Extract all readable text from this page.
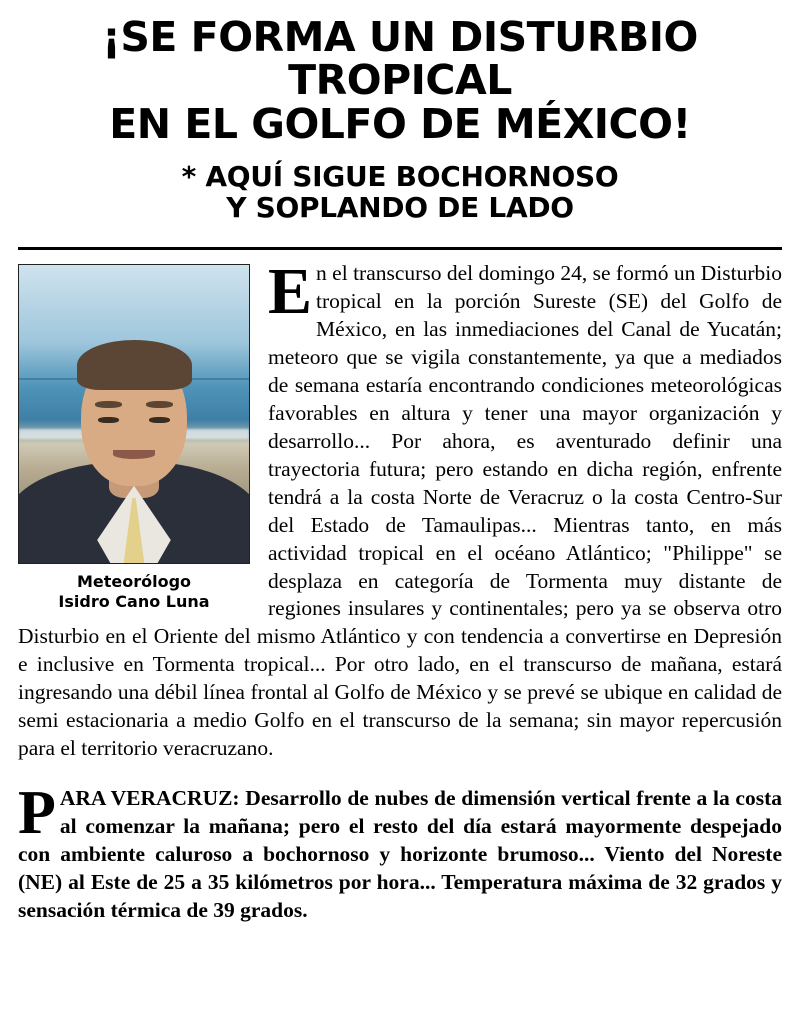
¡SE FORMA UN DISTURBIO TROPICAL
EN EL GOLFO DE MÉXICO!
* AQUÍ SIGUE BOCHORNOSO
Y SOPLANDO DE LADO
Meteorólogo
Isidro Cano Luna

En el transcurso del domingo 24, se formó un Disturbio tropical en la porción Sureste (SE) del Golfo de México, en las inmediaciones del Canal de Yucatán; meteoro que se vigila constantemente, ya que a mediados de semana estaría encontrando condiciones meteorológicas favorables en altura y tener una mayor organización y desarrollo... Por ahora, es aventurado definir una trayectoria futura; pero estando en dicha región, enfrente tendrá a la costa Norte de Veracruz o la costa Centro-Sur del Estado de Tamaulipas... Mientras tanto, en más actividad tropical en el océano Atlántico; "Philippe" se desplaza en categoría de Tormenta muy distante de regiones insulares y continentales; pero ya se observa otro Disturbio en el Oriente del mismo Atlántico y con tendencia a convertirse en Depresión e inclusive en Tormenta tropical... Por otro lado, en el transcurso de mañana, estará ingresando una débil línea frontal al Golfo de México y se prevé se ubique en calidad de semi estacionaria a medio Golfo en el transcurso de la semana; sin mayor repercusión para el territorio veracruzano.

PARA VERACRUZ: Desarrollo de nubes de dimensión vertical frente a la costa al comenzar la mañana; pero el resto del día estará mayormente despejado con ambiente caluroso a bochornoso y horizonte brumoso... Viento del Noreste (NE) al Este de 25 a 35 kilómetros por hora... Temperatura máxima de 32 grados y sensación térmica de 39 grados.
